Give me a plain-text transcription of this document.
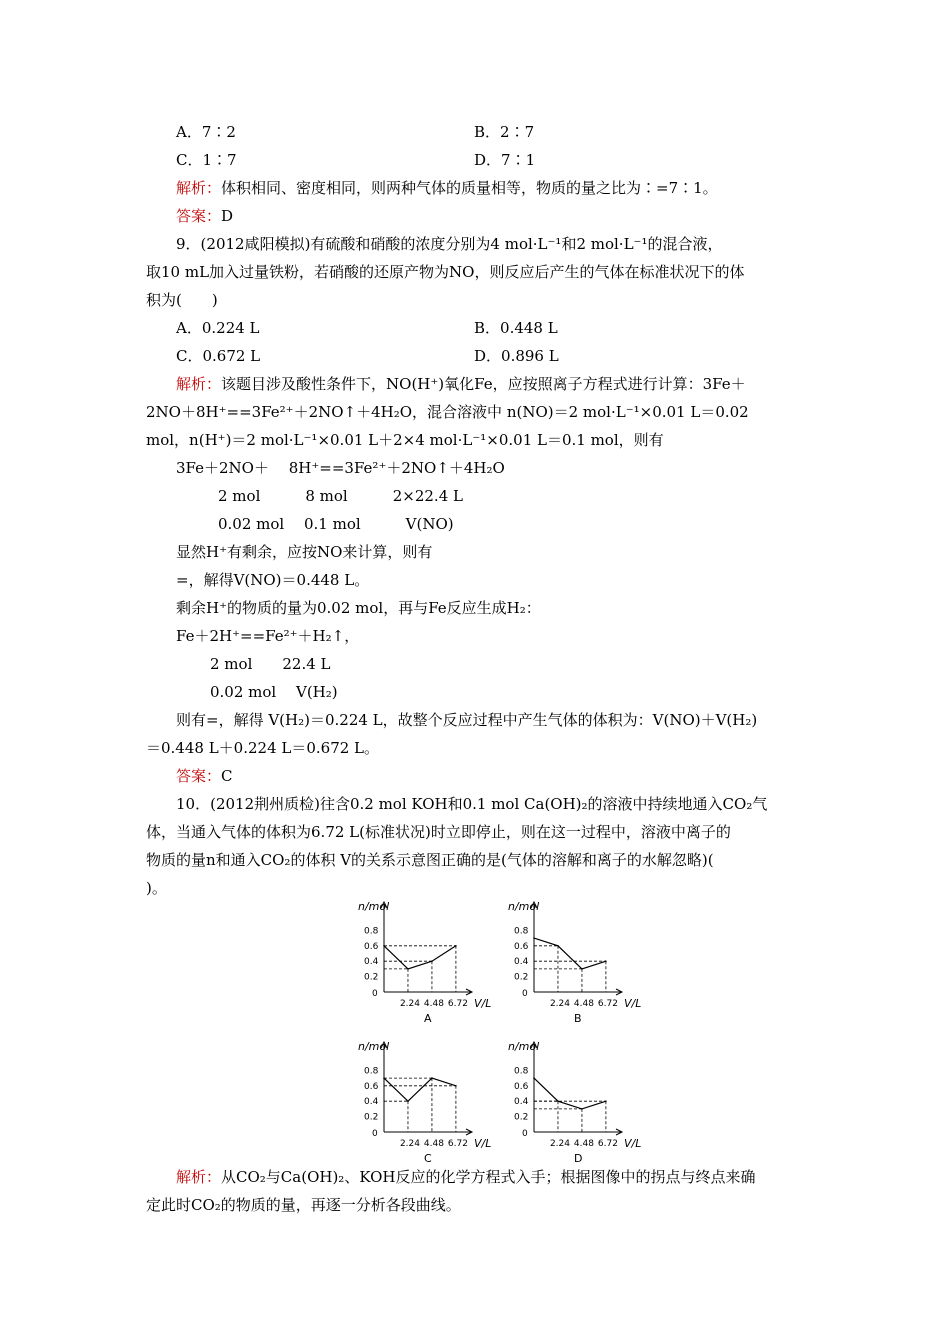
A．7∶2	B．2∶7
C．1∶7	D．7∶1
解析：体积相同、密度相同，则两种气体的质量相等，物质的量之比为∶=7∶1。
答案：D
9．(2012咸阳模拟)有硫酸和硝酸的浓度分别为4 mol·L⁻¹和2 mol·L⁻¹的混合液，
取10 mL加入过量铁粉，若硝酸的还原产物为NO，则反应后产生的气体在标准状况下的体
积为(　　)
A．0.224 L	B．0.448 L
C．0.672 L	D．0.896 L
解析：该题目涉及酸性条件下，NO(H⁺)氧化Fe，应按照离子方程式进行计算：3Fe＋
2NO＋8H⁺==3Fe²⁺＋2NO↑＋4H₂O，混合溶液中 n(NO)＝2 mol·L⁻¹×0.01 L＝0.02
mol，n(H⁺)＝2 mol·L⁻¹×0.01 L＋2×4 mol·L⁻¹×0.01 L＝0.1 mol，则有
3Fe＋2NO＋　 8H⁺==3Fe²⁺＋2NO↑＋4H₂O
2 mol　　　8 mol　　　2×22.4 L
0.02 mol　 0.1 mol　　　V(NO)
显然H⁺有剩余，应按NO来计算，则有
=，解得V(NO)＝0.448 L。
剩余H⁺的物质的量为0.02 mol，再与Fe反应生成H₂：
Fe＋2H⁺==Fe²⁺＋H₂↑，
2 mol　　22.4 L
0.02 mol　 V(H₂)
则有=，解得 V(H₂)＝0.224 L，故整个反应过程中产生气体的体积为：V(NO)＋V(H₂)
＝0.448 L＋0.224 L＝0.672 L。
答案：C
10．(2012荆州质检)往含0.2 mol KOH和0.1 mol Ca(OH)₂的溶液中持续地通入CO₂气
体，当通入气体的体积为6.72 L(标准状况)时立即停止，则在这一过程中，溶液中离子的
物质的量n和通入CO₂的体积 V的关系示意图正确的是(气体的溶解和离子的水解忽略)(
)。
n/mol
V/L
0
0.2
0.4
0.6
0.8
2.24 4.48 6.72
A
n/mol
V/L
0
0.2
0.4
0.6
0.8
2.24 4.48 6.72
B
n/mol
V/L
0
0.2
0.4
0.6
0.8
2.24 4.48 6.72
C
n/mol
V/L
0
0.2
0.4
0.6
0.8
2.24 4.48 6.72
D
解析：从CO₂与Ca(OH)₂、KOH反应的化学方程式入手；根据图像中的拐点与终点来确
定此时CO₂的物质的量，再逐一分析各段曲线。
